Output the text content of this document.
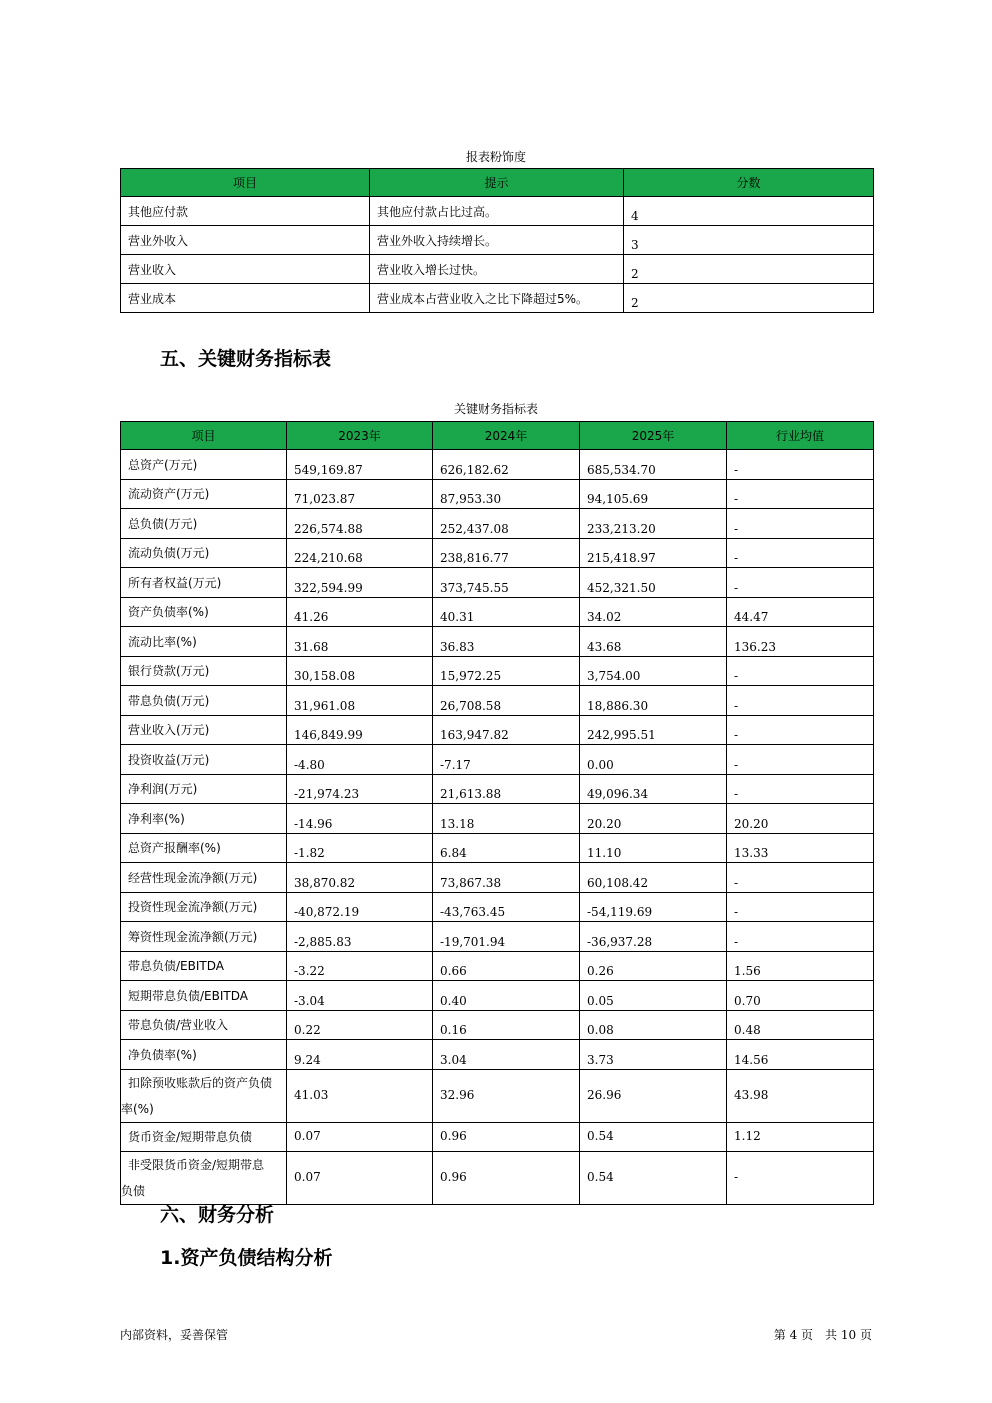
报表粉饰度
项目	提示	分数
其他应付款	其他应付款占比过高。	4
营业外收入	营业外收入持续增长。	3
营业收入	营业收入增长过快。	2
营业成本	营业成本占营业收入之比下降超过5%。	2
五、关键财务指标表
关键财务指标表
项目	2023年	2024年	2025年	行业均值
总资产(万元)	549,169.87	626,182.62	685,534.70	-
流动资产(万元)	71,023.87	87,953.30	94,105.69	-
总负债(万元)	226,574.88	252,437.08	233,213.20	-
流动负债(万元)	224,210.68	238,816.77	215,418.97	-
所有者权益(万元)	322,594.99	373,745.55	452,321.50	-
资产负债率(%)	41.26	40.31	34.02	44.47
流动比率(%)	31.68	36.83	43.68	136.23
银行贷款(万元)	30,158.08	15,972.25	3,754.00	-
带息负债(万元)	31,961.08	26,708.58	18,886.30	-
营业收入(万元)	146,849.99	163,947.82	242,995.51	-
投资收益(万元)	-4.80	-7.17	0.00	-
净利润(万元)	-21,974.23	21,613.88	49,096.34	-
净利率(%)	-14.96	13.18	20.20	20.20
总资产报酬率(%)	-1.82	6.84	11.10	13.33
经营性现金流净额(万元)	38,870.82	73,867.38	60,108.42	-
投资性现金流净额(万元)	-40,872.19	-43,763.45	-54,119.69	-
筹资性现金流净额(万元)	-2,885.83	-19,701.94	-36,937.28	-
带息负债/EBITDA	-3.22	0.66	0.26	1.56
短期带息负债/EBITDA	-3.04	0.40	0.05	0.70
带息负债/营业收入	0.22	0.16	0.08	0.48
净负债率(%)	9.24	3.04	3.73	14.56
扣除预收账款后的资产负债
率(%)	41.03	32.96	26.96	43.98
货币资金/短期带息负债	0.07	0.96	0.54	1.12
非受限货币资金/短期带息
负债	0.07	0.96	0.54	-
六、财务分析
1.资产负债结构分析
内部资料，妥善保管	第 4 页　共 10 页
